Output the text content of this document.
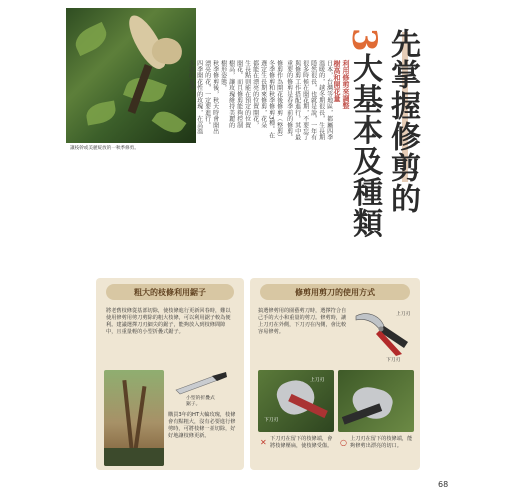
讓枝幹或美麗綻放的一秋季修剪。
日本，台灣等地區，都屬四季
溫暖的，越冬期很長，生長期
隱然很長，也就是說，一年有
很多時候在開花期，不要忘了
與修剪工作搭配進行。其中最
重要的修剪是春季前的修剪。	利用修剪來調整
樹高和開花量
修剪作為開花後修剪（整剪）
冬季修剪和秋季修剪3種。在
選定生長期來修剪，花朵
都能在漂亮的位置開花，
生長點則能在預定的位置
開花。而且修剪能夠控制
樹高，讓玫瑰維持美麗的
樹形姿態。
秋季修剪後，秋天時會開出
漂亮的花，一定要進行。
四季開花性的玫瑰，在高溫
多濕的夏季。
先掌握修剪的
3大基本及種類
粗大的枝條利用鋸子
將老舊枝條從基部切除，使枝條進行更新回春時，難以使用修剪用剪刀剪除的粗大枝條，可以利用鋸子較為便利。建議選擇刀刃細尖的鋸子，能夠放入到枝條間隙中，且重量輕的小型折疊式鋸子。
小型的折疊式
鋸子。
購買3年的HT大輪玫瑰，枝條會有點粗大，沒有必要進行修剪時，可將枝條一並切除，好好地讓枝條更新。
修剪用剪刀的使用方式
搞選修剪用的園藝剪刀時，選擇符合自己手的大小和重量的剪刀。修剪時，讓上刀刃在外側，下刀刃在內側，會比較容易修剪。
上刀刃
下刀刃
上刀刃
下刀刃
✕ 下刀刃在留下的枝條端，會將枝條壓扁，使枝條受傷。 ○ 上刀刃在留下的枝條端，能夠修剪出漂亮的切口。
68
